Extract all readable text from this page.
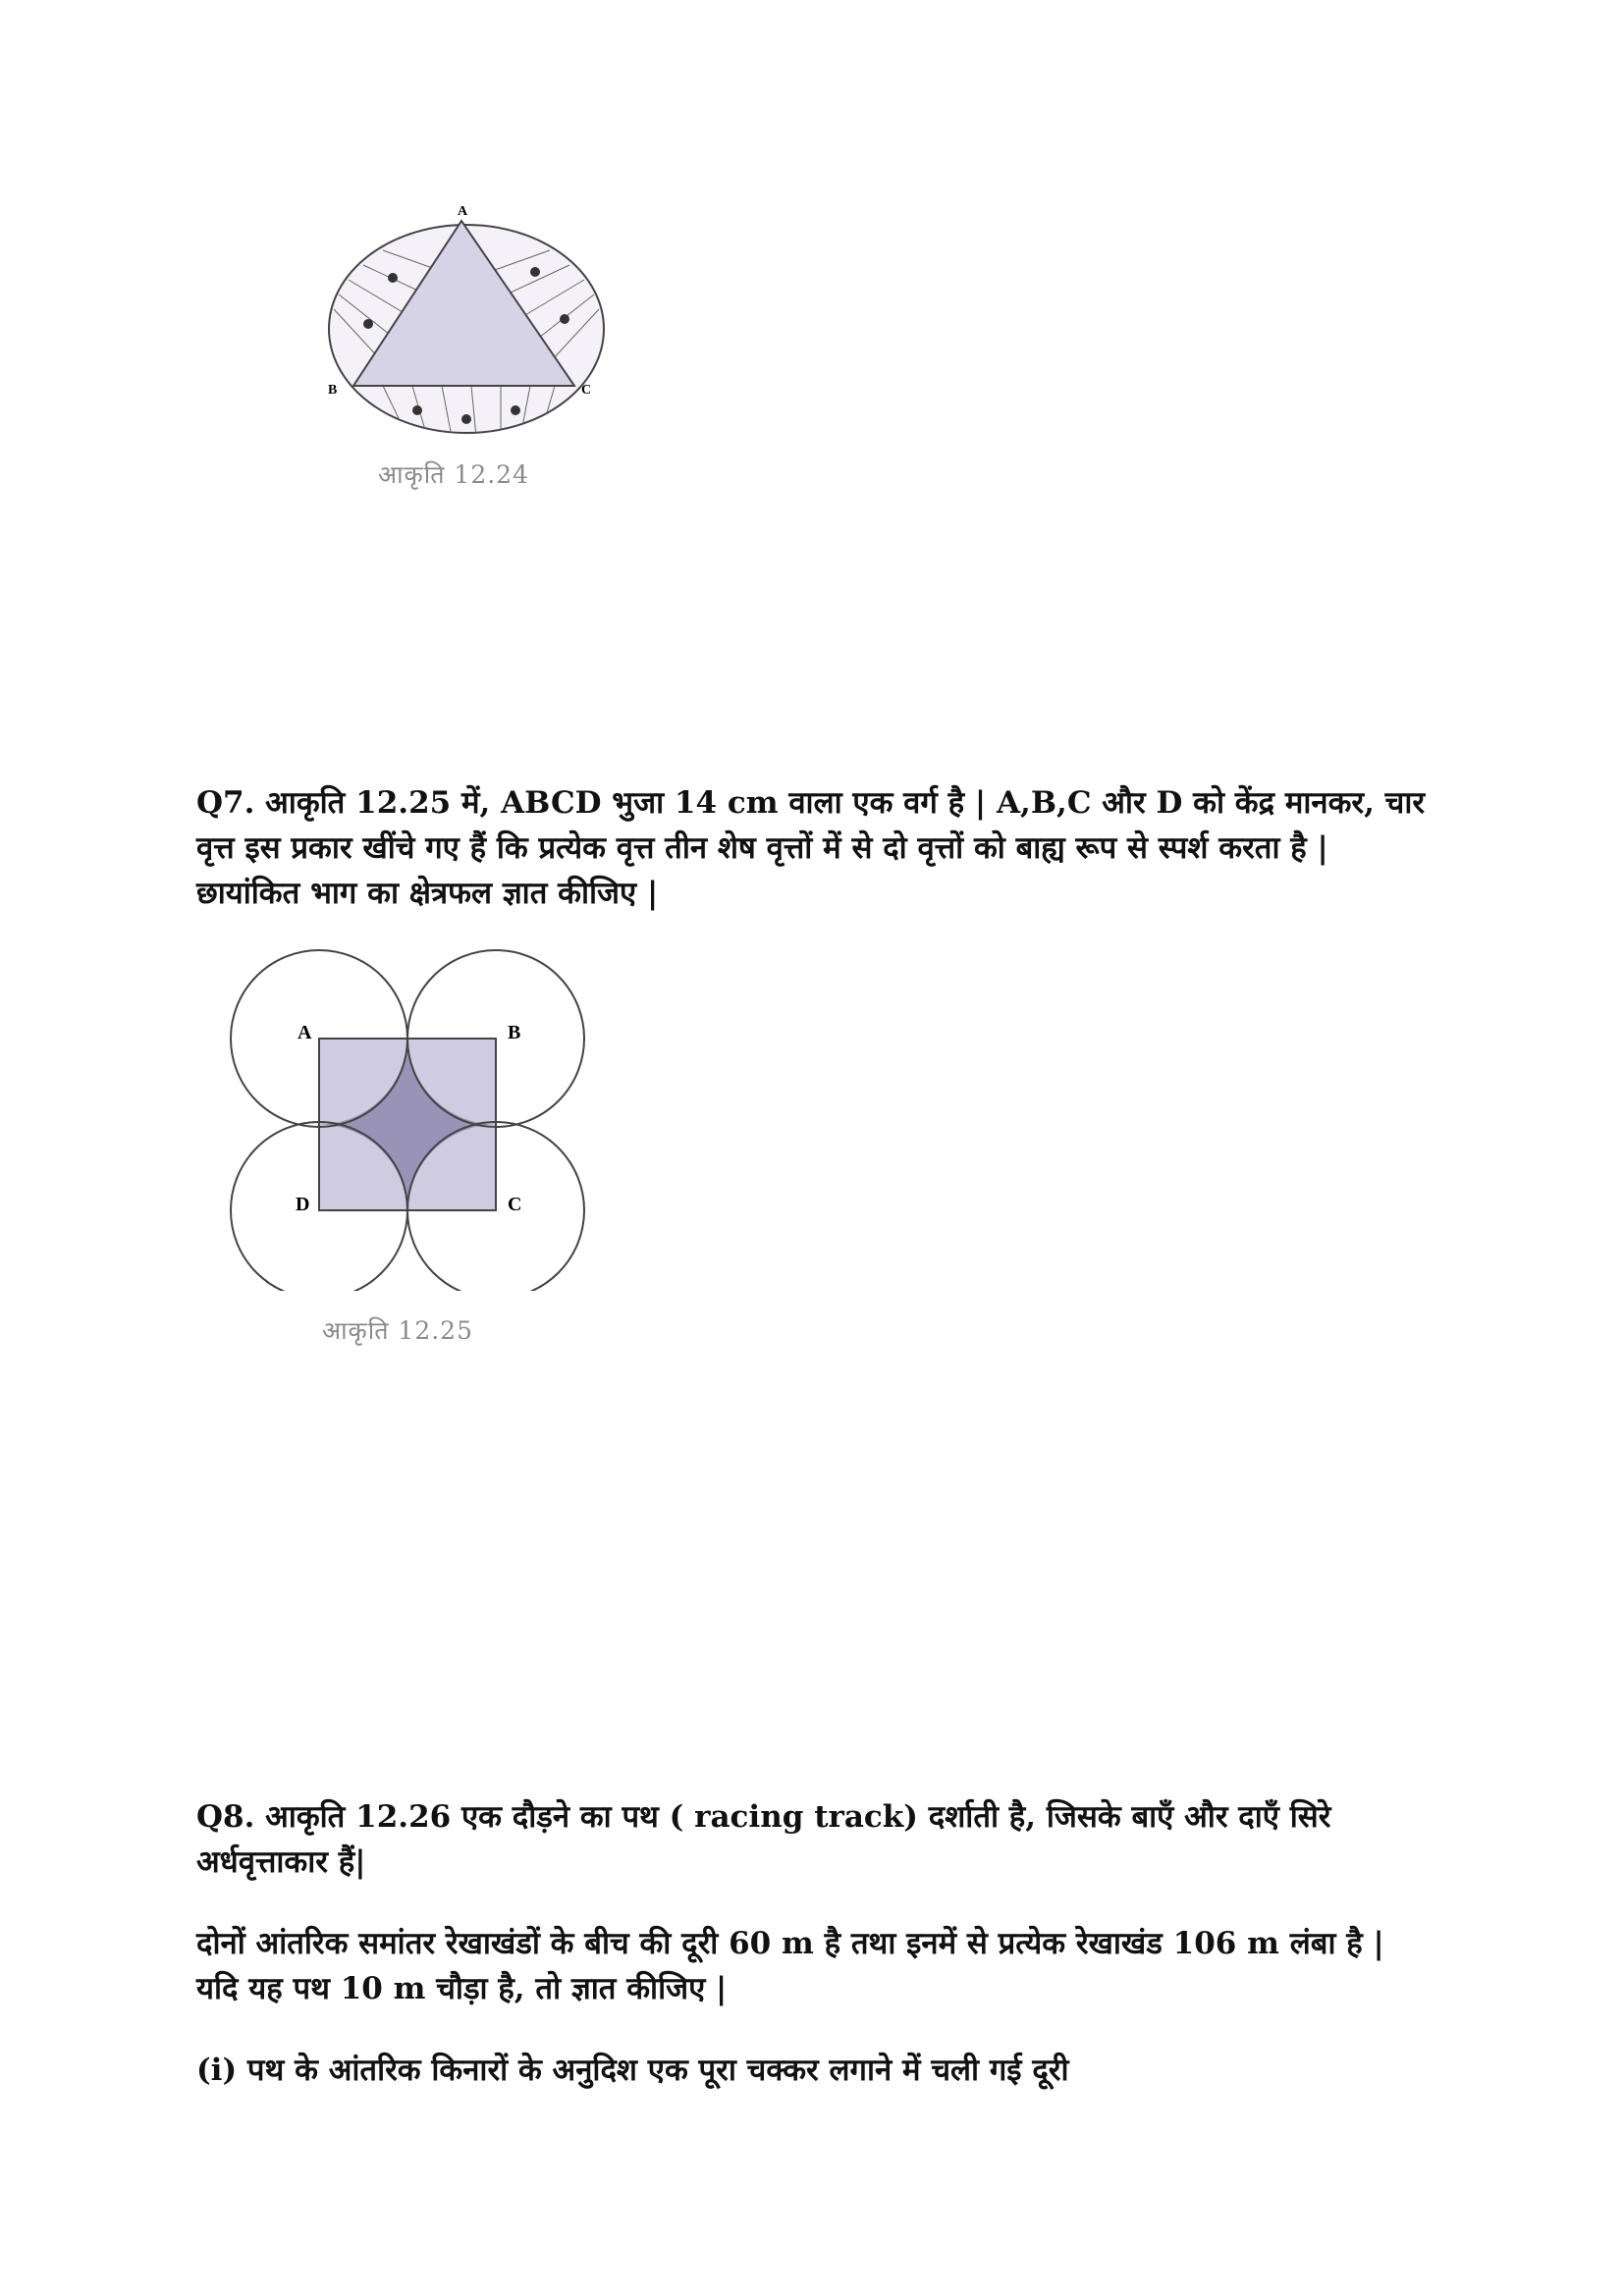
A
B	C
आकृति 12.24
Q7. आकृति 12.25 में, ABCD भुजा 14 cm वाला एक वर्ग है | A,B,C और D को केंद्र मानकर, चार वृत्त इस प्रकार खींचे गए हैं कि प्रत्येक वृत्त तीन शेष वृत्तों में से दो वृत्तों को बाह्य रूप से स्पर्श करता है | छायांकित भाग का क्षेत्रफल ज्ञात कीजिए |
A	B
C
D
आकृति 12.25
Q8. आकृति 12.26 एक दौड़ने का पथ ( racing track) दर्शाती है, जिसके बाएँ और दाएँ सिरे अर्धवृत्ताकार हैं|
दोनों आंतरिक समांतर रेखाखंडों के बीच की दूरी 60 m है तथा इनमें से प्रत्येक रेखाखंड 106 m लंबा है | यदि यह पथ 10 m चौड़ा है, तो ज्ञात कीजिए |
(i) पथ के आंतरिक किनारों के अनुदिश एक पूरा चक्कर लगाने में चली गई दूरी
